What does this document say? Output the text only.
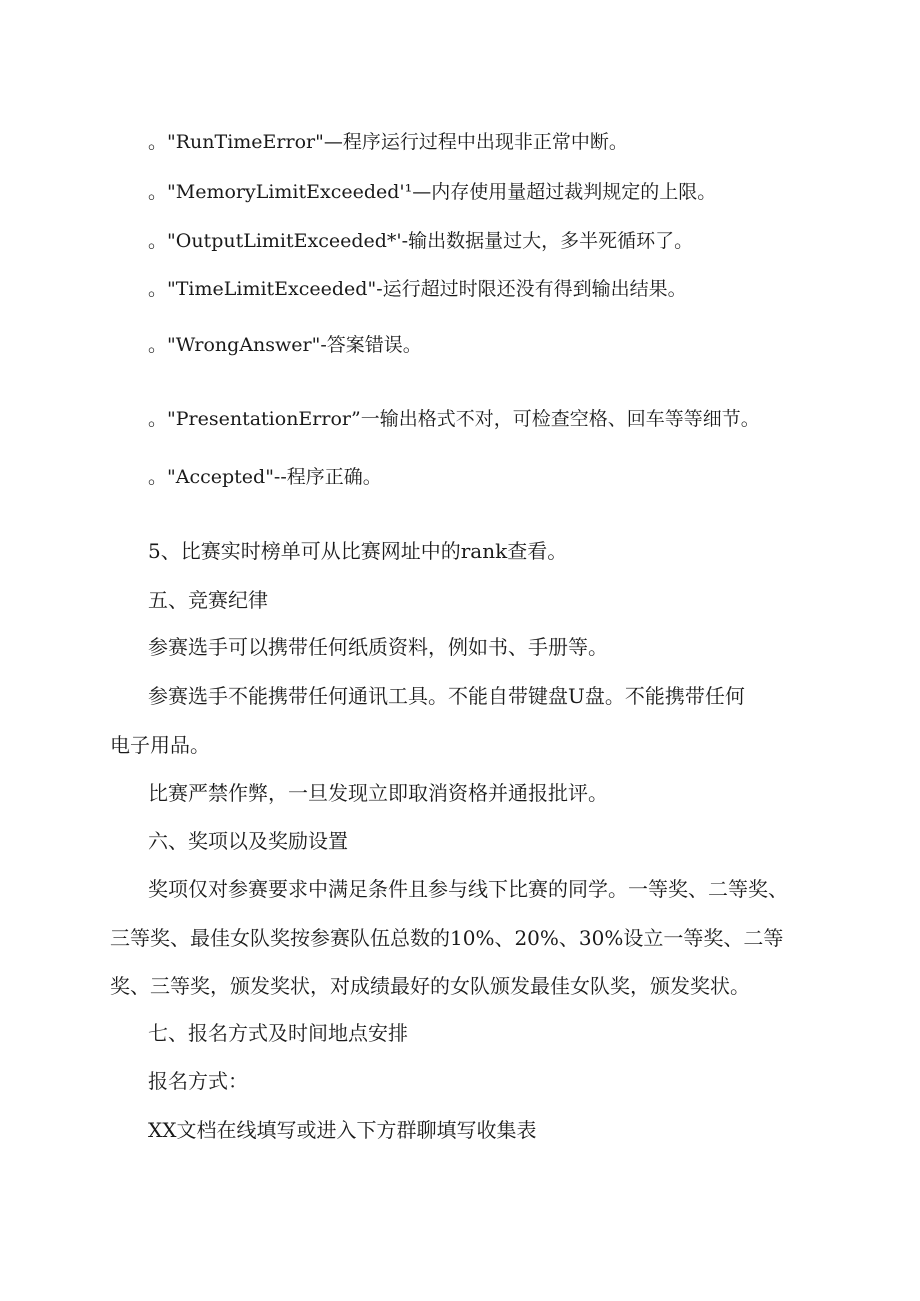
。"RunTimeError"—程序运行过程中出现非正常中断。
。"MemoryLimitExceeded'¹—内存使用量超过裁判规定的上限。
。"OutputLimitExceeded*'-输出数据量过大，多半死循环了。
。"TimeLimitExceeded"-运行超过时限还没有得到输出结果。
。"WrongAnswer"-答案错误。
。"PresentationError”一输出格式不对，可检查空格、回车等等细节。
。"Accepted"--程序正确。
5、比赛实时榜单可从比赛网址中的rank查看。
五、竞赛纪律
参赛选手可以携带任何纸质资料，例如书、手册等。
参赛选手不能携带任何通讯工具。不能自带键盘U盘。不能携带任何
电子用品。
比赛严禁作弊，一旦发现立即取消资格并通报批评。
六、奖项以及奖励设置
奖项仅对参赛要求中满足条件且参与线下比赛的同学。一等奖、二等奖、
三等奖、最佳女队奖按参赛队伍总数的10%、20%、30%设立一等奖、二等
奖、三等奖，颁发奖状，对成绩最好的女队颁发最佳女队奖，颁发奖状。
七、报名方式及时间地点安排
报名方式：
XX文档在线填写或进入下方群聊填写收集表
